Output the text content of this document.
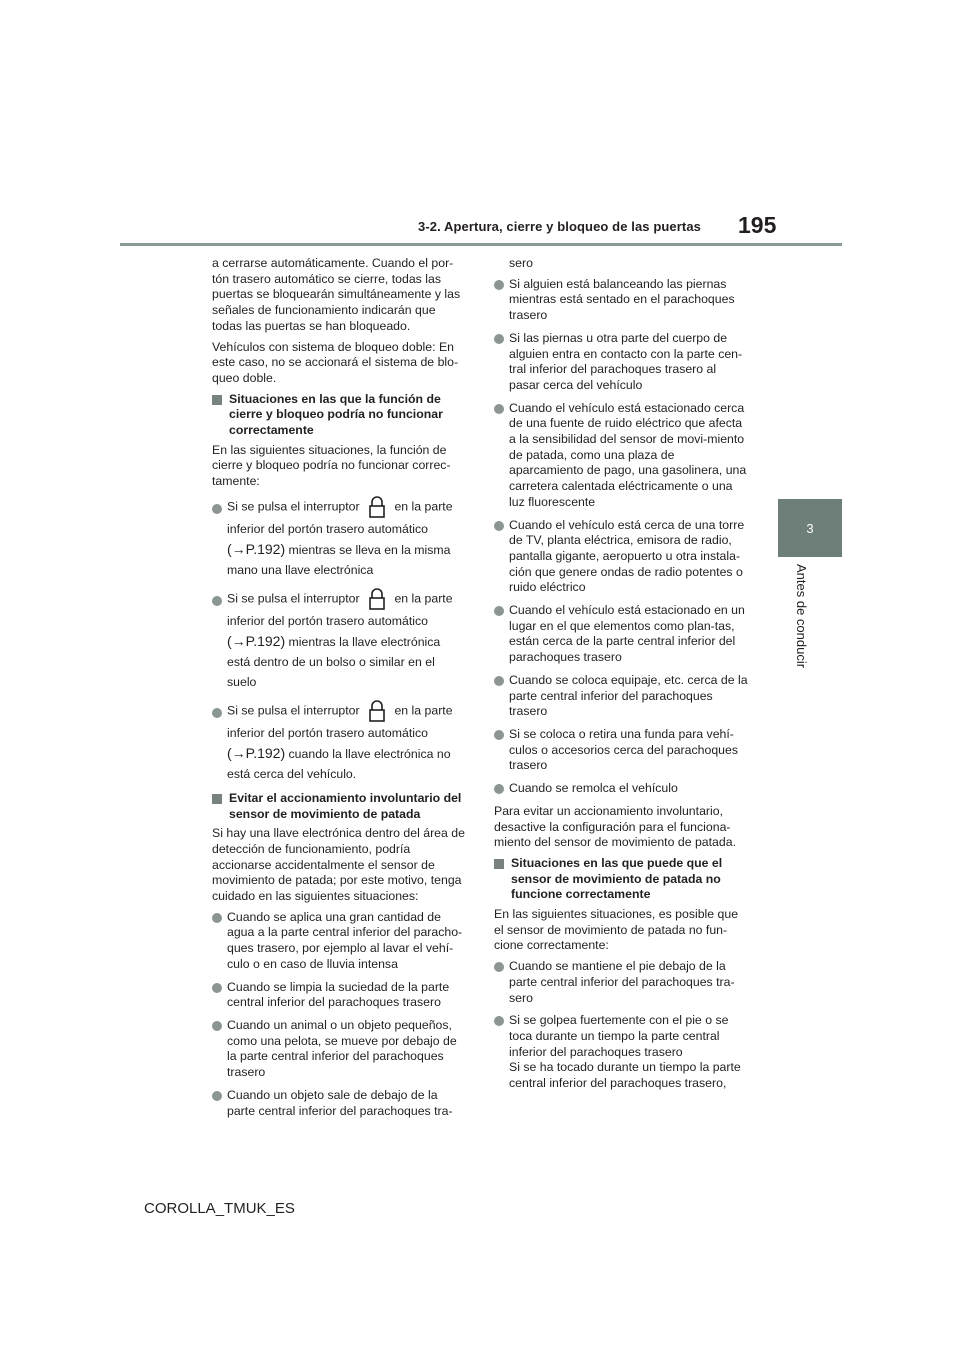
3-2. Apertura, cierre y bloqueo de las puertas 195
3
Antes de conducir

a cerrarse automáticamente. Cuando el por-tón trasero automático se cierre, todas las puertas se bloquearán simultáneamente y las señales de funcionamiento indicarán que todas las puertas se han bloqueado.

Vehículos con sistema de bloqueo doble: En este caso, no se accionará el sistema de blo-queo doble.

Situaciones en las que la función de cierre y bloqueo podría no funcionar correctamente

En las siguientes situaciones, la función de cierre y bloqueo podría no funcionar correc-tamente:

Si se pulsa el interruptor	en la parte inferior del portón trasero automático (→P.192) mientras se lleva en la misma mano una llave electrónica
Si se pulsa el interruptor	en la parte inferior del portón trasero automático (→P.192) mientras la llave electrónica está dentro de un bolso o similar en el suelo
Si se pulsa el interruptor	en la parte inferior del portón trasero automático (→P.192) cuando la llave electrónica no está cerca del vehículo.
Evitar el accionamiento involuntario del sensor de movimiento de patada

Si hay una llave electrónica dentro del área de detección de funcionamiento, podría accionarse accidentalmente el sensor de movimiento de patada; por este motivo, tenga cuidado en las siguientes situaciones:

Cuando se aplica una gran cantidad de agua a la parte central inferior del paracho-ques trasero, por ejemplo al lavar el vehí-culo o en caso de lluvia intensa
Cuando se limpia la suciedad de la parte central inferior del parachoques trasero
Cuando un animal o un objeto pequeños, como una pelota, se mueve por debajo de la parte central inferior del parachoques trasero
Cuando un objeto sale de debajo de la parte central inferior del parachoques tra-

sero

Si alguien está balanceando las piernas mientras está sentado en el parachoques trasero
Si las piernas u otra parte del cuerpo de alguien entra en contacto con la parte cen-tral inferior del parachoques trasero al pasar cerca del vehículo
Cuando el vehículo está estacionado cerca de una fuente de ruido eléctrico que afecta a la sensibilidad del sensor de movi-miento de patada, como una plaza de aparcamiento de pago, una gasolinera, una carretera calentada eléctricamente o una luz fluorescente
Cuando el vehículo está cerca de una torre de TV, planta eléctrica, emisora de radio, pantalla gigante, aeropuerto u otra instala-ción que genere ondas de radio potentes o ruido eléctrico
Cuando el vehículo está estacionado en un lugar en el que elementos como plan-tas, están cerca de la parte central inferior del parachoques trasero
Cuando se coloca equipaje, etc. cerca de la parte central inferior del parachoques trasero
Si se coloca o retira una funda para vehí-culos o accesorios cerca del parachoques trasero
Cuando se remolca el vehículo

Para evitar un accionamiento involuntario, desactive la configuración para el funciona-miento del sensor de movimiento de patada.

Situaciones en las que puede que el sensor de movimiento de patada no funcione correctamente

En las siguientes situaciones, es posible que el sensor de movimiento de patada no fun-cione correctamente:

Cuando se mantiene el pie debajo de la parte central inferior del parachoques tra-sero
Si se golpea fuertemente con el pie o se toca durante un tiempo la parte central inferior del parachoques trasero
Si se ha tocado durante un tiempo la parte central inferior del parachoques trasero,
COROLLA_TMUK_ES
